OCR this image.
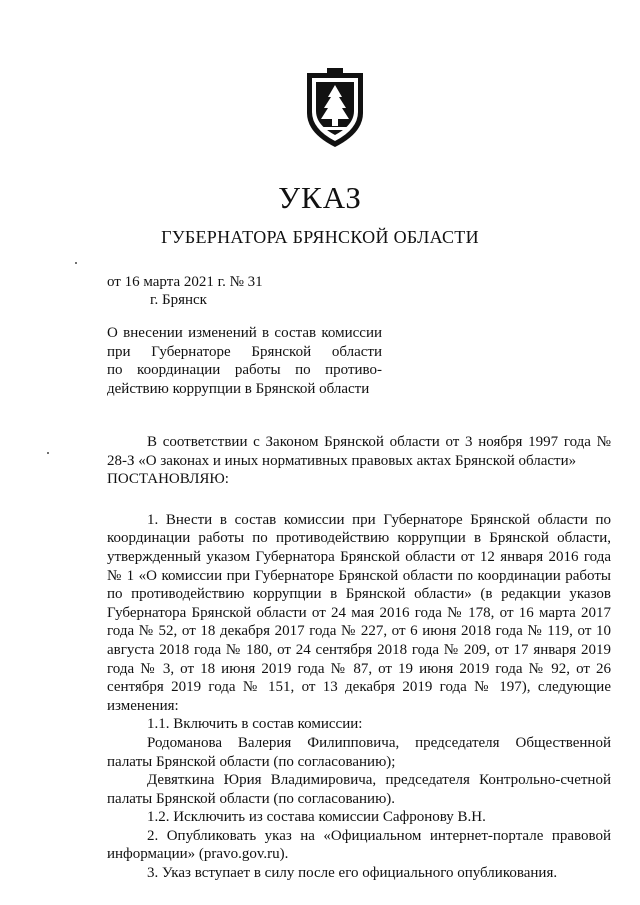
УКАЗ
ГУБЕРНАТОРА БРЯНСКОЙ ОБЛАСТИ
от 16 марта 2021 г. № 31
г. Брянск
О внесении изменений в состав комиссии
при Губернаторе Брянской области
по координации работы по противо-
действию коррупции в Брянской области

В соответствии с Законом Брянской области от 3 ноября 1997 года № 28-З «О законах и иных нормативных правовых актах Брянской области»

ПОСТАНОВЛЯЮ:

1. Внести в состав комиссии при Губернаторе Брянской области по координации работы по противодействию коррупции в Брянской области, утвержденный указом Губернатора Брянской области от 12 января 2016 года № 1 «О комиссии при Губернаторе Брянской области по координации работы по противодействию коррупции в Брянской области» (в редакции указов Губернатора Брянской области от 24 мая 2016 года № 178, от 16 марта 2017 года № 52, от 18 декабря 2017 года № 227, от 6 июня 2018 года № 119, от 10 августа 2018 года № 180, от 24 сентября 2018 года № 209, от 17 января 2019 года № 3, от 18 июня 2019 года № 87, от 19 июня 2019 года № 92, от 26 сентября 2019 года № 151, от 13 декабря 2019 года № 197), следующие изменения:

1.1. Включить в состав комиссии:

Родоманова Валерия Филипповича, председателя Общественной палаты Брянской области (по согласованию);

Девяткина Юрия Владимировича, председателя Контрольно-счетной палаты Брянской области (по согласованию).

1.2. Исключить из состава комиссии Сафронову В.Н.

2. Опубликовать указ на «Официальном интернет-портале правовой информации» (pravo.gov.ru).

3. Указ вступает в силу после его официального опубликования.
